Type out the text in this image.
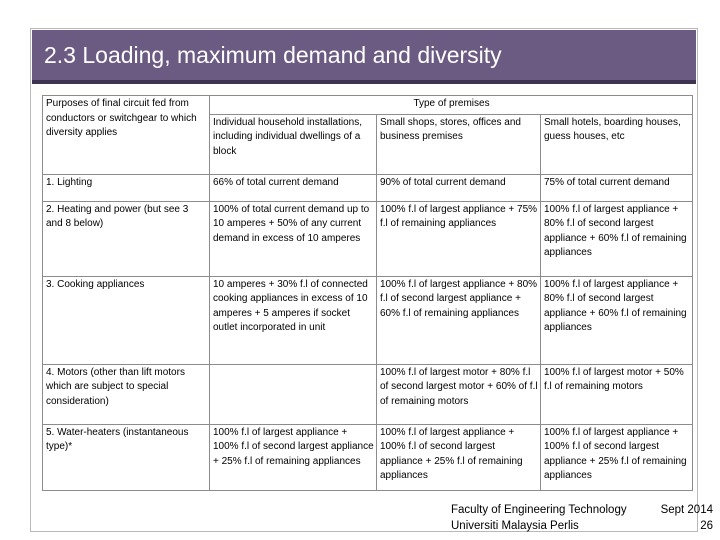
2.3 Loading, maximum demand and diversity
Purposes of final circuit fed from conductors or switchgear to which diversity applies	Type of premises		
	Individual household installations, including individual dwellings of a block	Small shops, stores, offices and business premises	Small hotels, boarding houses, guess houses, etc
1. Lighting	66% of total current demand	90% of total current demand	75% of total current demand
2. Heating and power (but see 3 and 8 below)	100% of total current demand up to 10 amperes + 50% of any current demand in excess of 10 amperes	100% f.l of largest appliance + 75% f.l of remaining appliances	100% f.l of largest appliance + 80% f.l of second largest appliance + 60% f.l of remaining appliances
3. Cooking appliances	10 amperes + 30% f.l of connected cooking appliances in excess of 10 amperes + 5 amperes if socket outlet incorporated in unit	100% f.l of largest appliance + 80% f.l of second largest appliance + 60% f.l of remaining appliances	100% f.l of largest appliance + 80% f.l of second largest appliance + 60% f.l of remaining appliances
4. Motors (other than lift motors which are subject to special consideration)		100% f.l of largest motor + 80% f.l of second largest motor + 60% of f.l of remaining motors	100% f.l of largest motor + 50% f.l of remaining motors
5. Water-heaters (instantaneous type)*	100% f.l of largest appliance + 100% f.l of second largest appliance + 25% f.l of remaining appliances	100% f.l of largest appliance + 100% f.l of second largest appliance + 25% f.l of remaining appliances	100% f.l of largest appliance + 100% f.l of second largest appliance + 25% f.l of remaining appliances
Faculty of Engineering Technology	Sept 2014
Universiti Malaysia Perlis	26
